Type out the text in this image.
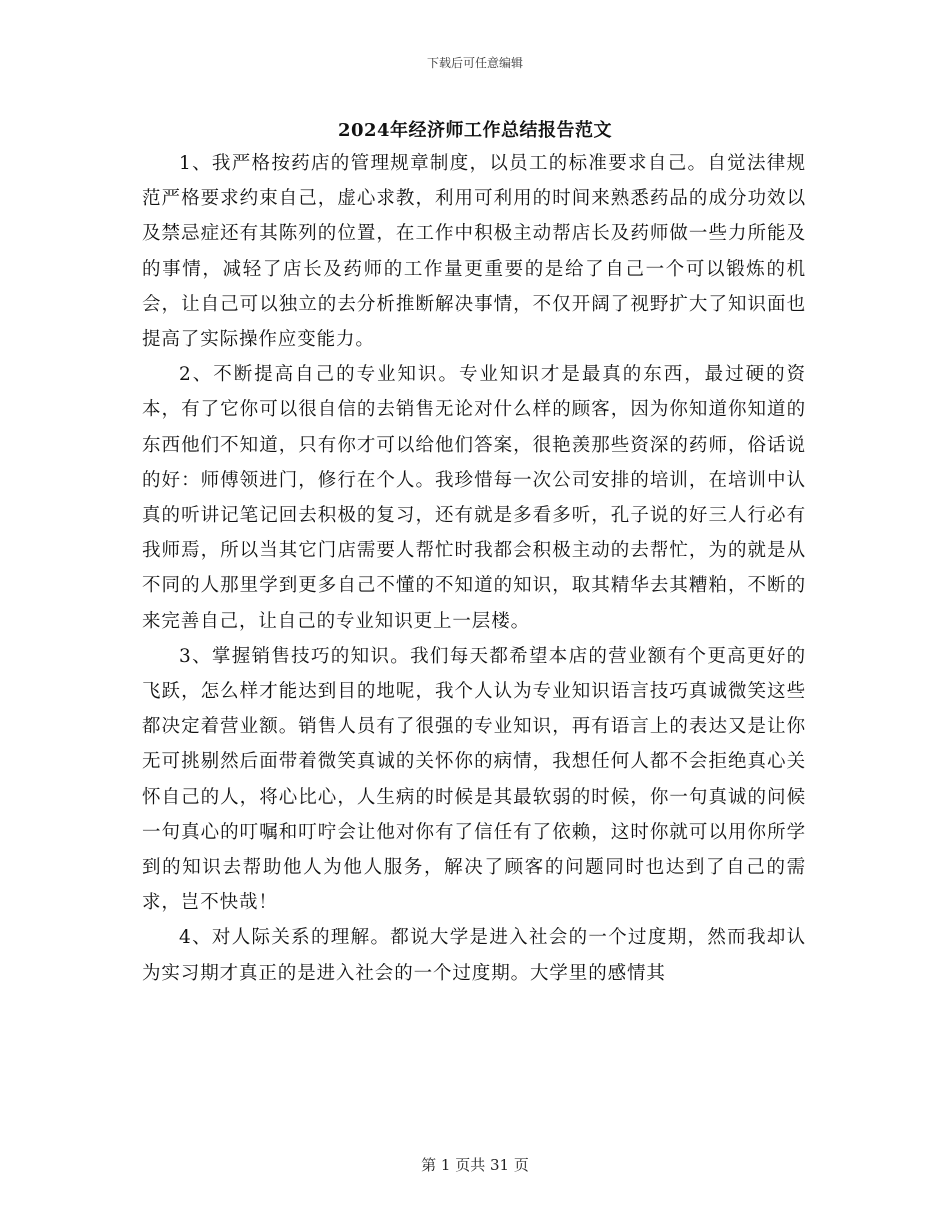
下载后可任意编辑
2024年经济师工作总结报告范文

1、我严格按药店的管理规章制度，以员工的标准要求自己。自觉法律规范严格要求约束自己，虚心求教，利用可利用的时间来熟悉药品的成分功效以及禁忌症还有其陈列的位置，在工作中积极主动帮店长及药师做一些力所能及的事情，减轻了店长及药师的工作量更重要的是给了自己一个可以锻炼的机会，让自己可以独立的去分析推断解决事情，不仅开阔了视野扩大了知识面也提高了实际操作应变能力。

2、不断提高自己的专业知识。专业知识才是最真的东西，最过硬的资本，有了它你可以很自信的去销售无论对什么样的顾客，因为你知道你知道的东西他们不知道，只有你才可以给他们答案，很艳羡那些资深的药师，俗话说的好：师傅领进门，修行在个人。我珍惜每一次公司安排的培训，在培训中认真的听讲记笔记回去积极的复习，还有就是多看多听，孔子说的好三人行必有我师焉，所以当其它门店需要人帮忙时我都会积极主动的去帮忙，为的就是从不同的人那里学到更多自己不懂的不知道的知识，取其精华去其糟粕，不断的来完善自己，让自己的专业知识更上一层楼。

3、掌握销售技巧的知识。我们每天都希望本店的营业额有个更高更好的飞跃，怎么样才能达到目的地呢，我个人认为专业知识语言技巧真诚微笑这些都决定着营业额。销售人员有了很强的专业知识，再有语言上的表达又是让你无可挑剔然后面带着微笑真诚的关怀你的病情，我想任何人都不会拒绝真心关怀自己的人，将心比心，人生病的时候是其最软弱的时候，你一句真诚的问候一句真心的叮嘱和叮咛会让他对你有了信任有了依赖，这时你就可以用你所学到的知识去帮助他人为他人服务，解决了顾客的问题同时也达到了自己的需求，岂不快哉！

4、对人际关系的理解。都说大学是进入社会的一个过度期，然而我却认为实习期才真正的是进入社会的一个过度期。大学里的感情其

第 1 页共 31 页
